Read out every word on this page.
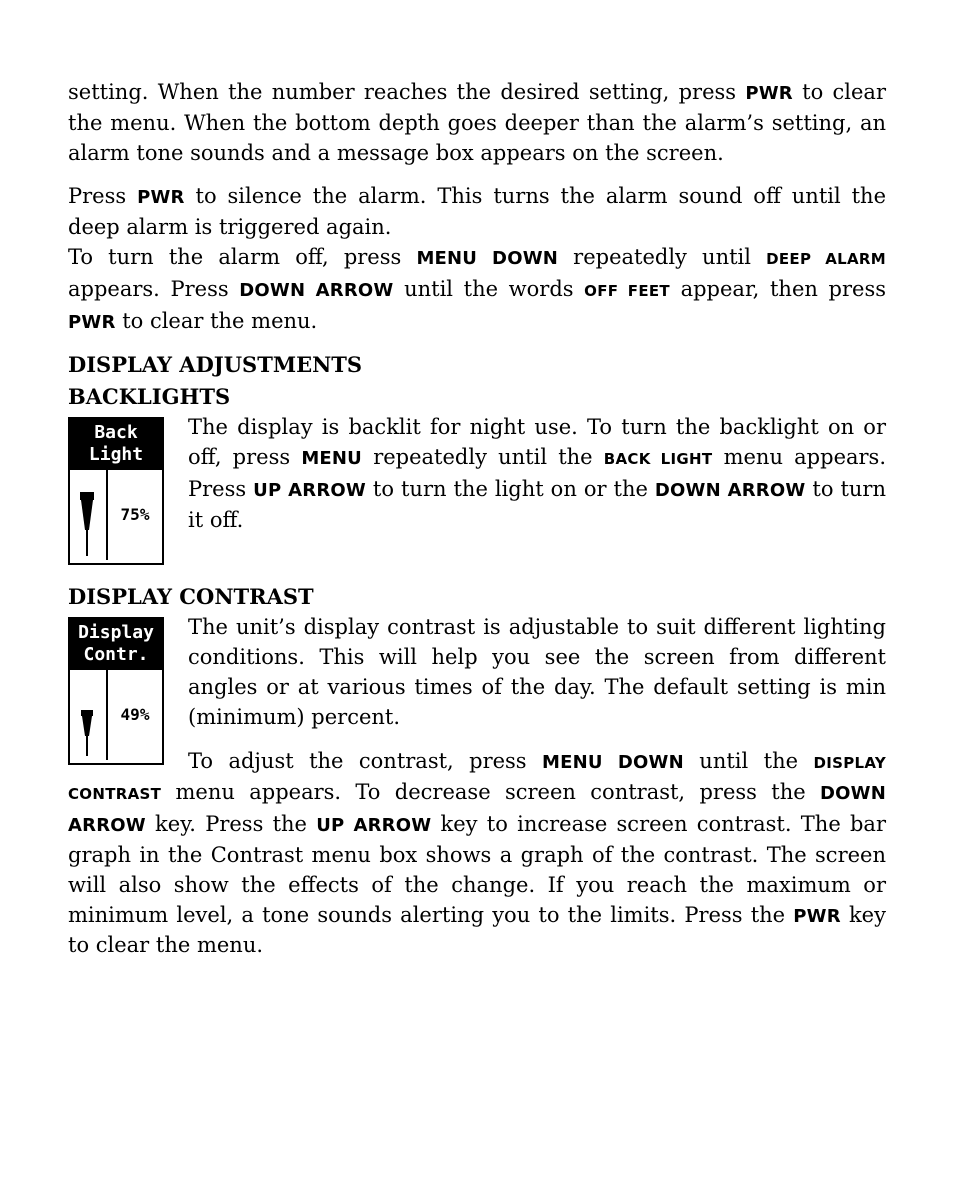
setting. When the number reaches the desired setting, press PWR to clear the menu. When the bottom depth goes deeper than the alarm’s setting, an alarm tone sounds and a message box appears on the screen.

Press PWR to silence the alarm. This turns the alarm sound off until the deep alarm is triggered again.

To turn the alarm off, press MENU DOWN repeatedly until DEEP ALARM appears. Press DOWN ARROW until the words OFF FEET appear, then press PWR to clear the menu.

DISPLAY ADJUSTMENTS
BACKLIGHTS
Back
Light
75%

The display is backlit for night use. To turn the backlight on or off, press MENU repeatedly until the BACK LIGHT menu appears. Press UP ARROW to turn the light on or the DOWN ARROW to turn it off.

DISPLAY CONTRAST
Display
Contr.
49%

The unit’s display contrast is adjustable to suit different lighting conditions. This will help you see the screen from different angles or at various times of the day. The default setting is min (minimum) percent.

To adjust the contrast, press MENU DOWN until the DISPLAY CONTRAST menu appears. To decrease screen contrast, press the DOWN ARROW key. Press the UP ARROW key to increase screen contrast. The bar graph in the Contrast menu box shows a graph of the contrast. The screen will also show the effects of the change. If you reach the maximum or minimum level, a tone sounds alerting you to the limits. Press the PWR key to clear the menu.
